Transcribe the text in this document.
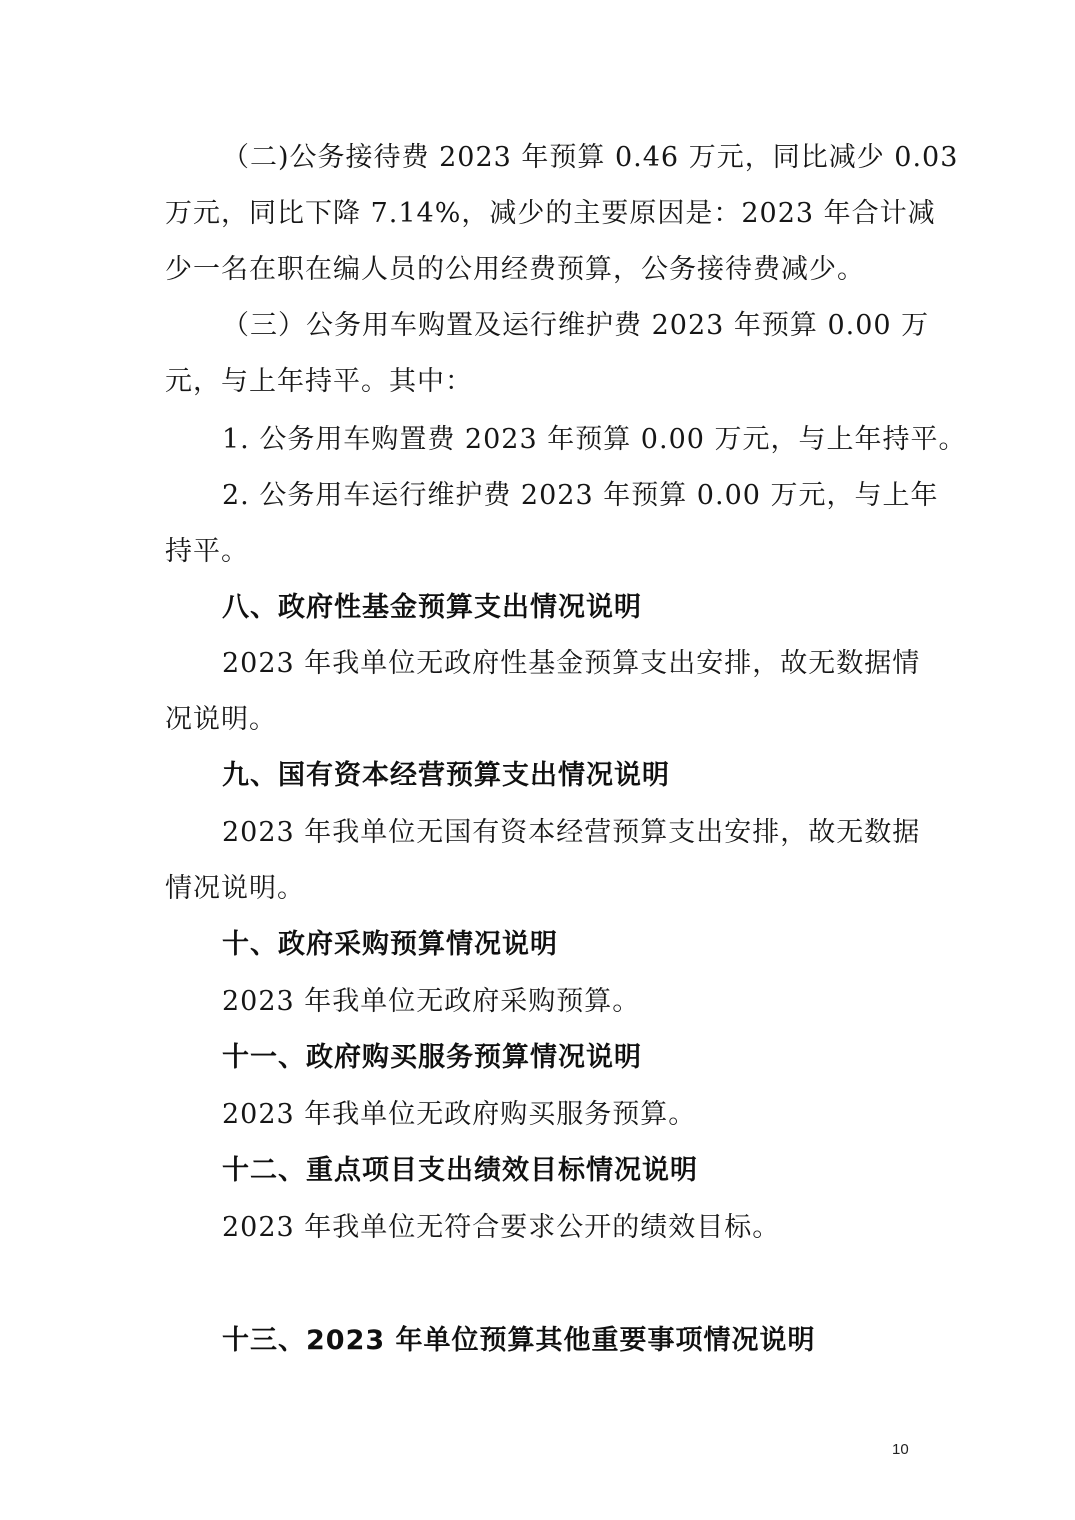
（二)公务接待费 2023 年预算 0.46 万元，同比减少 0.03
万元，同比下降 7.14%，减少的主要原因是：2023 年合计减
少一名在职在编人员的公用经费预算，公务接待费减少。
（三）公务用车购置及运行维护费 2023 年预算 0.00 万
元，与上年持平。其中：
1. 公务用车购置费 2023 年预算 0.00 万元，与上年持平。
2. 公务用车运行维护费 2023 年预算 0.00 万元，与上年
持平。
八、政府性基金预算支出情况说明
2023 年我单位无政府性基金预算支出安排，故无数据情
况说明。
九、国有资本经营预算支出情况说明
2023 年我单位无国有资本经营预算支出安排，故无数据
情况说明。
十、政府采购预算情况说明
2023 年我单位无政府采购预算。
十一、政府购买服务预算情况说明
2023 年我单位无政府购买服务预算。
十二、重点项目支出绩效目标情况说明
2023 年我单位无符合要求公开的绩效目标。
十三、2023 年单位预算其他重要事项情况说明
10
